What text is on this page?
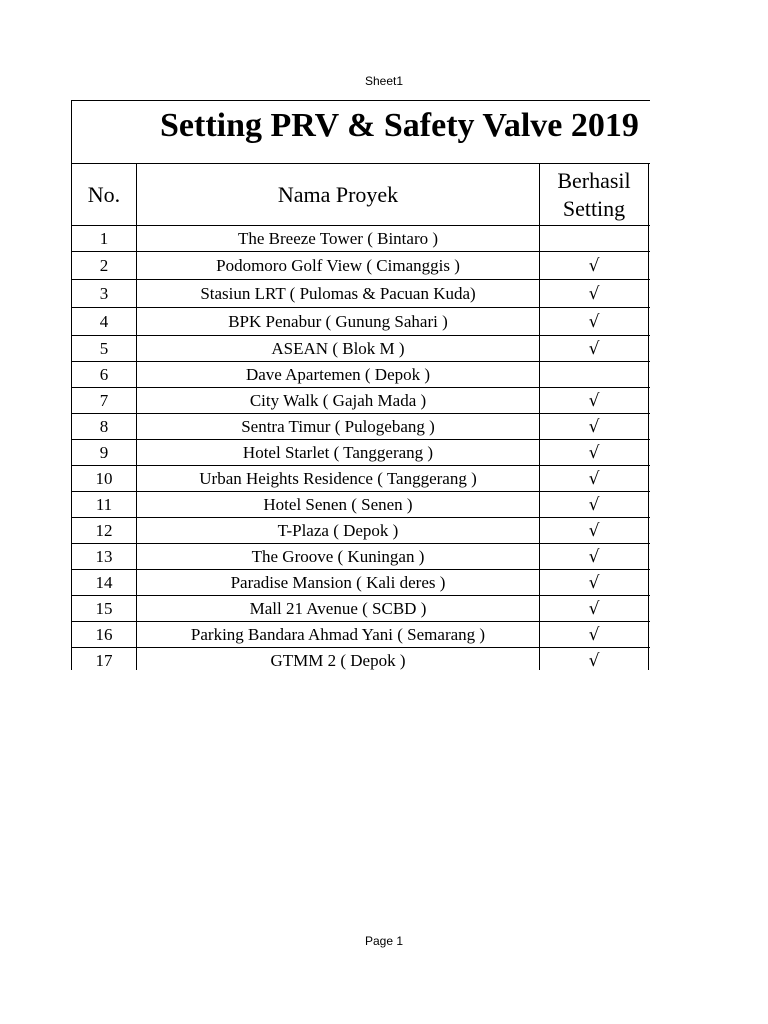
Sheet1
Setting PRV & Safety Valve 2019			

No.	Nama Proyek	Berhasil Setting	
1	The Breeze Tower ( Bintaro )		
2	Podomoro Golf View ( Cimanggis )	√	
3	Stasiun LRT ( Pulomas & Pacuan Kuda)	√	
4	BPK Penabur ( Gunung Sahari )	√	
5	ASEAN ( Blok M )	√	
6	Dave Apartemen ( Depok )		
7	City Walk ( Gajah Mada )	√	
8	Sentra Timur ( Pulogebang )	√	
9	Hotel Starlet ( Tanggerang )	√	
10	Urban Heights Residence ( Tanggerang )	√	
11	Hotel Senen ( Senen )	√	
12	T-Plaza ( Depok )	√	
13	The Groove ( Kuningan )	√	
14	Paradise Mansion ( Kali deres )	√	
15	Mall 21 Avenue ( SCBD )	√	
16	Parking Bandara Ahmad Yani ( Semarang )	√	
17	GTMM 2 ( Depok )	√	
Page 1
